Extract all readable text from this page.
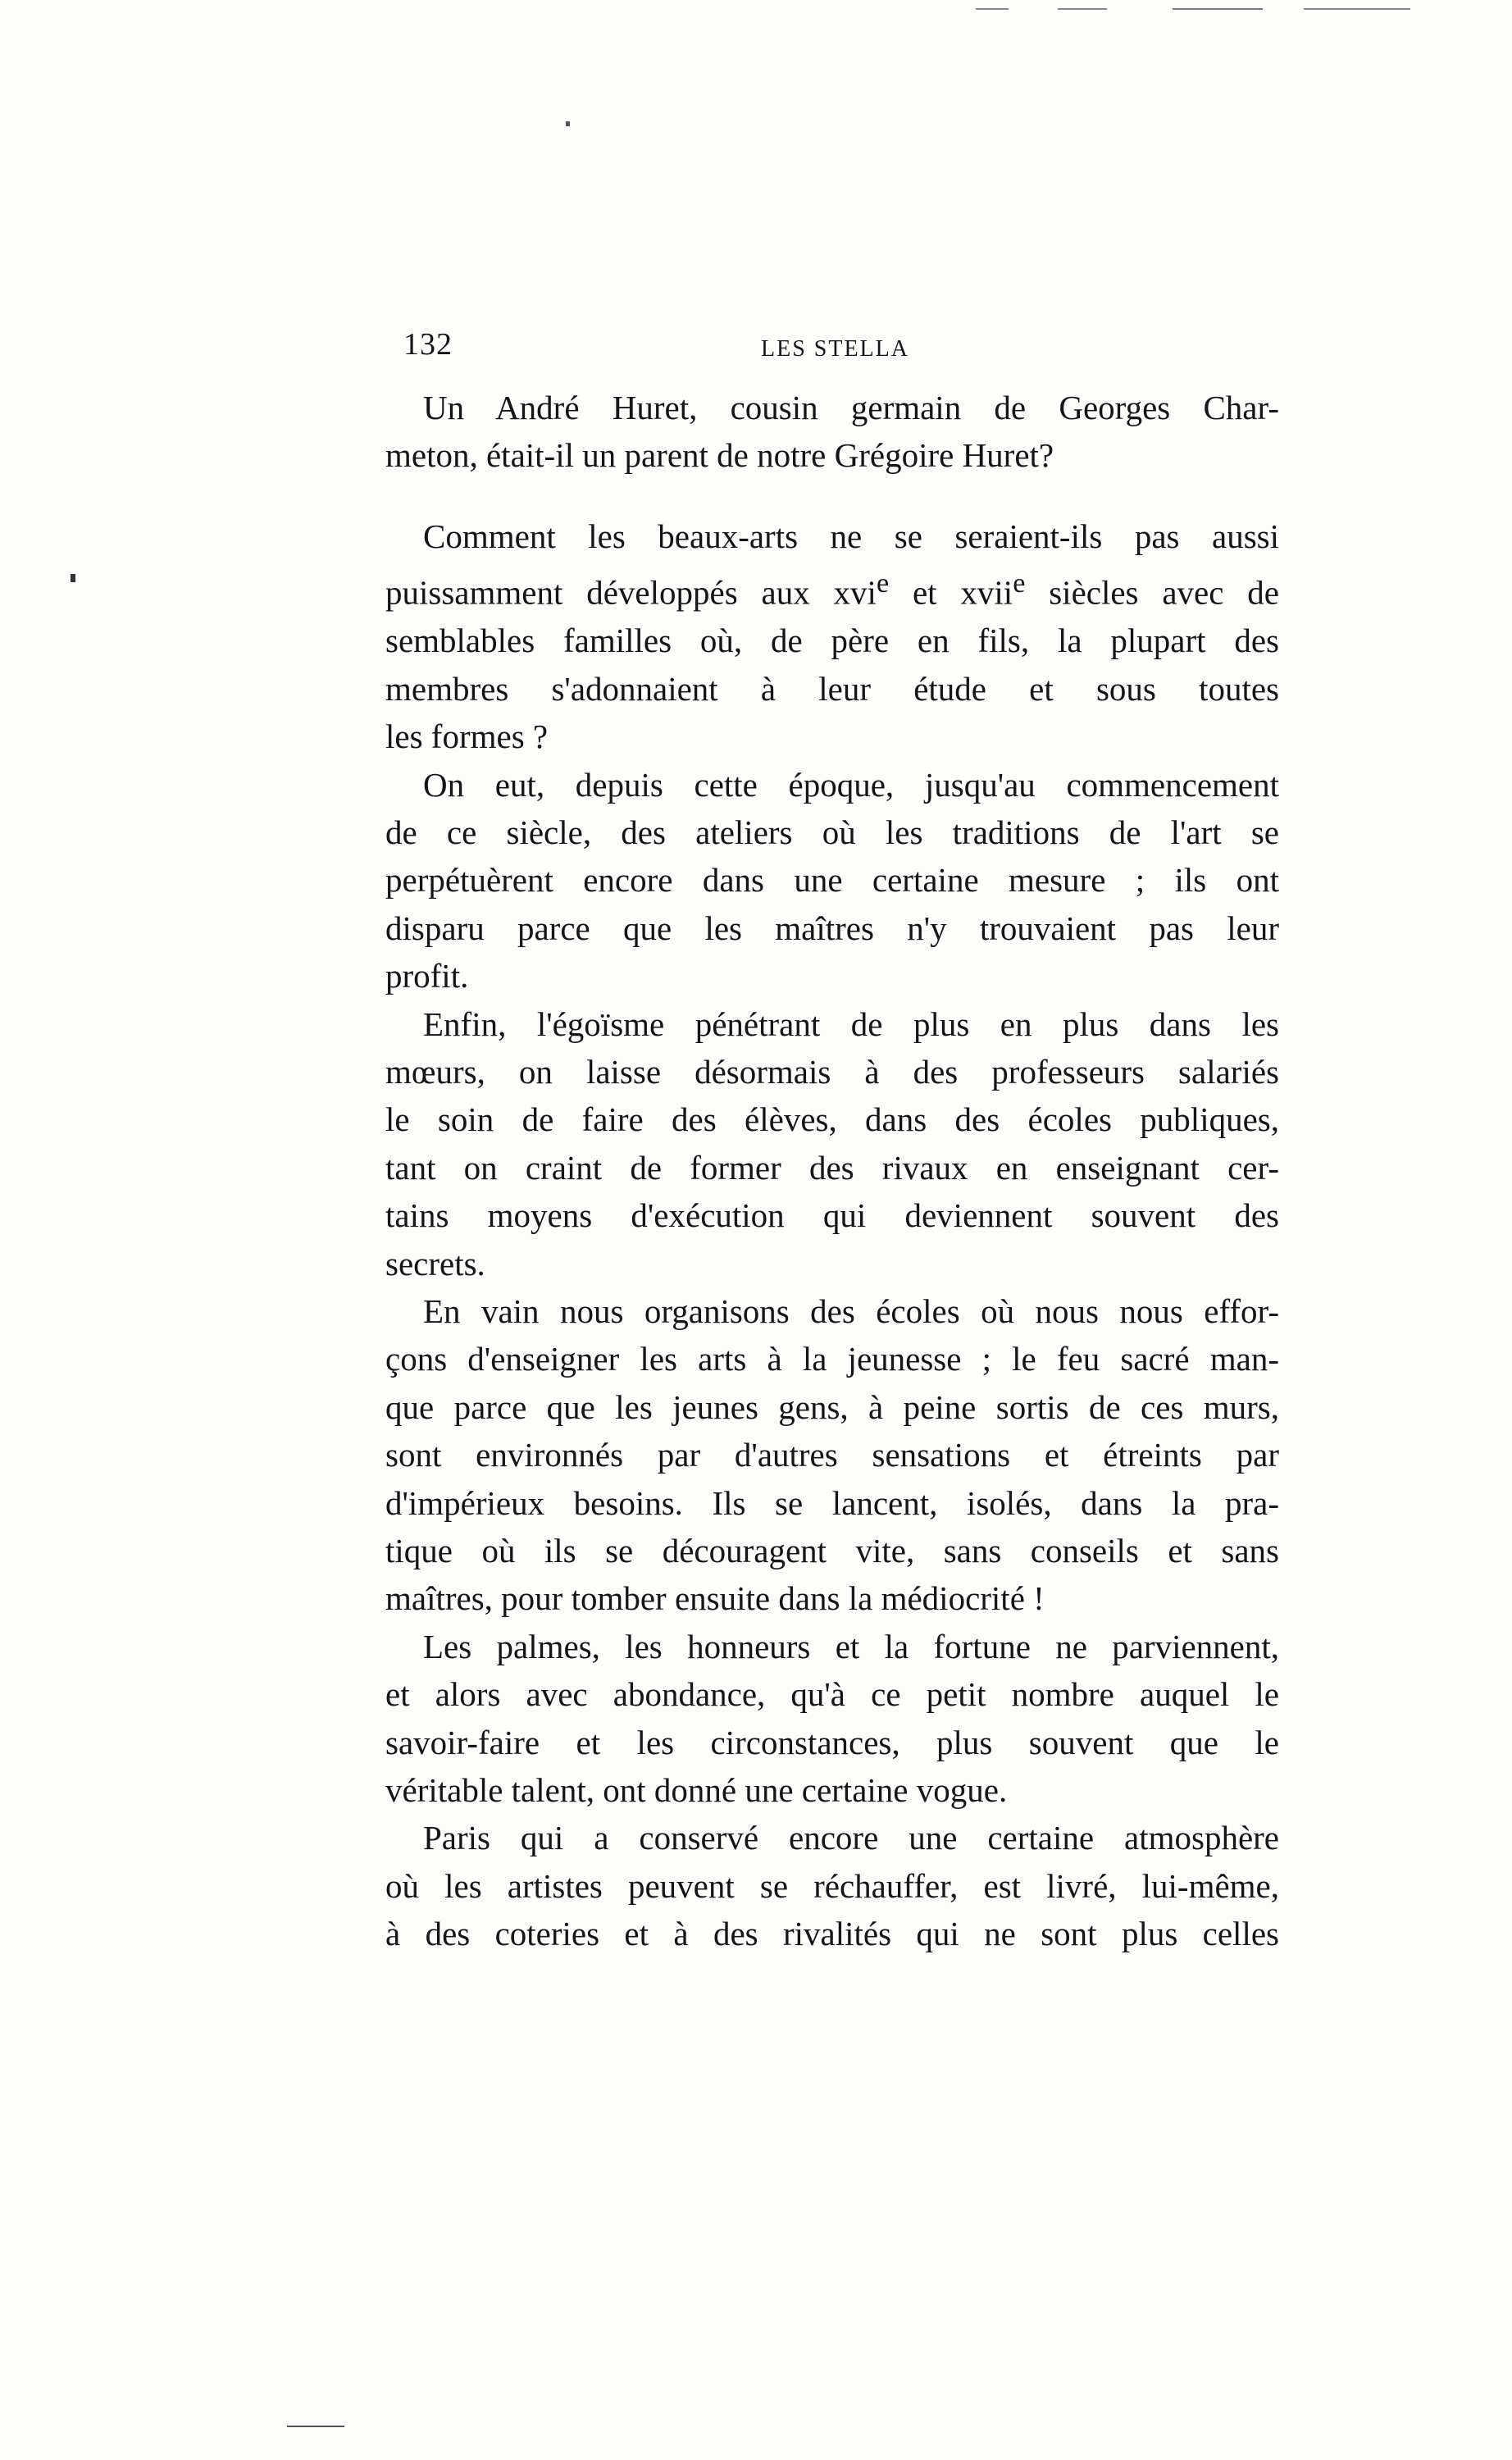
132	LES STELLA

Un André Huret, cousin germain de Georges Char-
meton, était-il un parent de notre Grégoire Huret?

Comment les beaux-arts ne se seraient-ils pas aussi
puissamment développés aux xvi$^e$ et xvii$^e$ siècles avec de
semblables familles où, de père en fils, la plupart des
membres s'adonnaient à leur étude et sous toutes
les formes ?

On eut, depuis cette époque, jusqu'au commencement
de ce siècle, des ateliers où les traditions de l'art se
perpétuèrent encore dans une certaine mesure ; ils ont
disparu parce que les maîtres n'y trouvaient pas leur
profit.

Enfin, l'égoïsme pénétrant de plus en plus dans les
mœurs, on laisse désormais à des professeurs salariés
le soin de faire des élèves, dans des écoles publiques,
tant on craint de former des rivaux en enseignant cer-
tains moyens d'exécution qui deviennent souvent des
secrets.

En vain nous organisons des écoles où nous nous effor-
çons d'enseigner les arts à la jeunesse ; le feu sacré man-
que parce que les jeunes gens, à peine sortis de ces murs,
sont environnés par d'autres sensations et étreints par
d'impérieux besoins. Ils se lancent, isolés, dans la pra-
tique où ils se découragent vite, sans conseils et sans
maîtres, pour tomber ensuite dans la médiocrité !

Les palmes, les honneurs et la fortune ne parviennent,
et alors avec abondance, qu'à ce petit nombre auquel le
savoir-faire et les circonstances, plus souvent que le
véritable talent, ont donné une certaine vogue.

Paris qui a conservé encore une certaine atmosphère
où les artistes peuvent se réchauffer, est livré, lui-même,
à des coteries et à des rivalités qui ne sont plus celles
